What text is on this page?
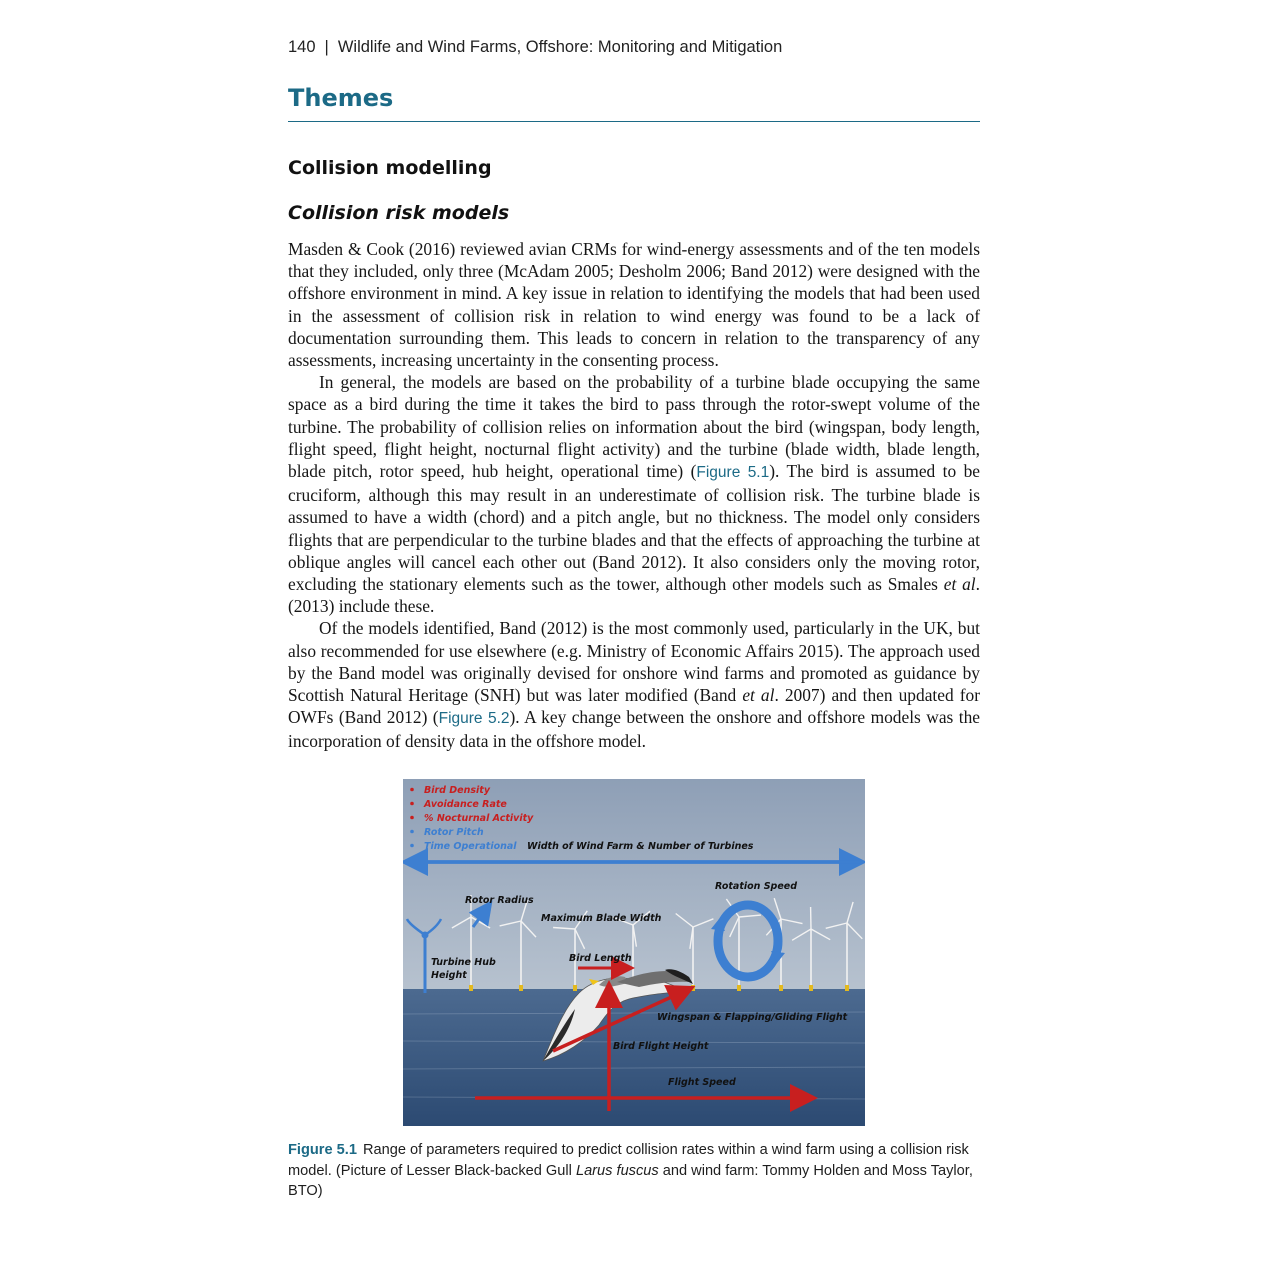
140 | Wildlife and Wind Farms, Offshore: Monitoring and Mitigation
Themes
Collision modelling
Collision risk models

Masden & Cook (2016) reviewed avian CRMs for wind-energy assessments and of the ten models that they included, only three (McAdam 2005; Desholm 2006; Band 2012) were designed with the offshore environment in mind. A key issue in relation to identifying the models that had been used in the assessment of collision risk in relation to wind energy was found to be a lack of documentation surrounding them. This leads to concern in relation to the transparency of any assessments, increasing uncertainty in the consenting process.

In general, the models are based on the probability of a turbine blade occupying the same space as a bird during the time it takes the bird to pass through the rotor-swept volume of the turbine. The probability of collision relies on information about the bird (wingspan, body length, flight speed, flight height, nocturnal flight activity) and the turbine (blade width, blade length, blade pitch, rotor speed, hub height, operational time) (Figure 5.1). The bird is assumed to be cruciform, although this may result in an underestimate of collision risk. The turbine blade is assumed to have a width (chord) and a pitch angle, but no thickness. The model only considers flights that are perpendicular to the turbine blades and that the effects of approaching the turbine at oblique angles will cancel each other out (Band 2012). It also considers only the moving rotor, excluding the stationary elements such as the tower, although other models such as Smales et al. (2013) include these.

Of the models identified, Band (2012) is the most commonly used, particularly in the UK, but also recommended for use elsewhere (e.g. Ministry of Economic Affairs 2015). The approach used by the Band model was originally devised for onshore wind farms and promoted as guidance by Scottish Natural Heritage (SNH) but was later modified (Band et al. 2007) and then updated for OWFs (Band 2012) (Figure 5.2). A key change between the onshore and offshore models was the incorporation of density data in the offshore model.

Bird Density
Avoidance Rate
% Nocturnal Activity
Rotor Pitch
Time Operational Width of Wind Farm & Number of Turbines
Rotation Speed
Rotor Radius
Maximum Blade Width
Turbine Hub
Height
Bird Length
Wingspan & Flapping/Gliding Flight
Bird Flight Height
Flight Speed
Figure 5.1 Range of parameters required to predict collision rates within a wind farm using a collision risk model. (Picture of Lesser Black-backed Gull Larus fuscus and wind farm: Tommy Holden and Moss Taylor, BTO)
